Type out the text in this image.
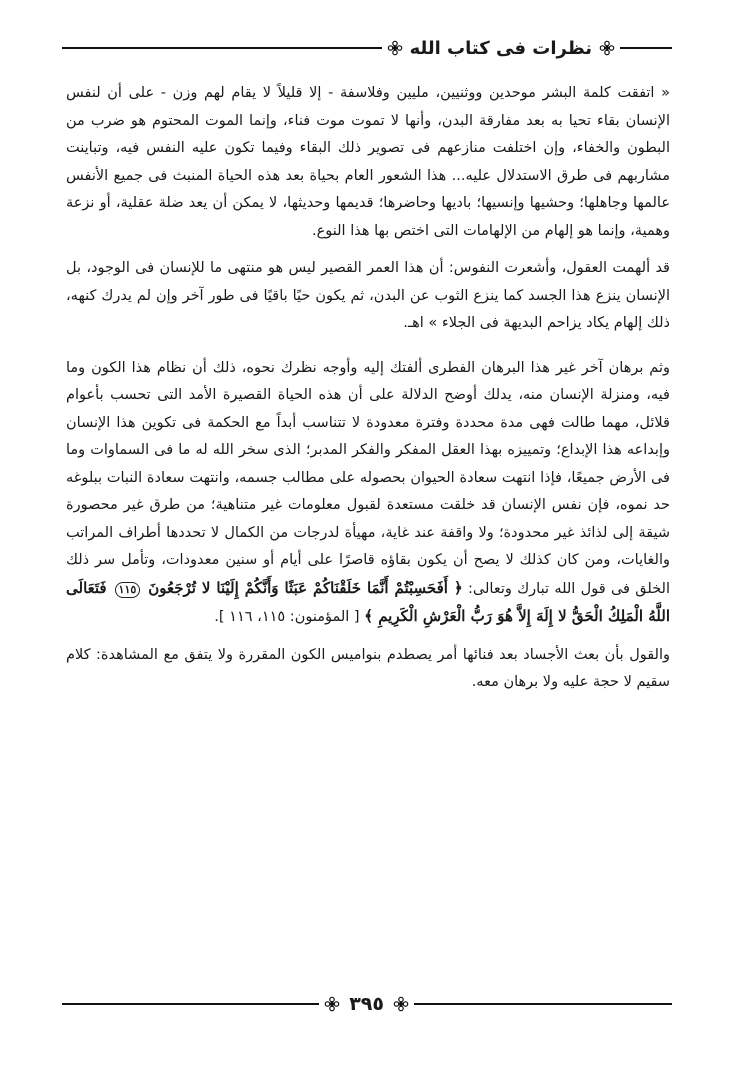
نظرات فى كتاب الله

« اتفقت كلمة البشر موحدين ووثنيين، مليين وفلاسفة - إلا قليلاً لا يقام لهم وزن - على أن لنفس الإنسان بقاء تحيا به بعد مفارقة البدن، وأنها لا تموت موت فناء، وإنما الموت المحتوم هو ضرب من البطون والخفاء، وإن اختلفت منازعهم فى تصوير ذلك البقاء وفيما تكون عليه النفس فيه، وتباينت مشاربهم فى طرق الاستدلال عليه... هذا الشعور العام بحياة بعد هذه الحياة المنبث فى جميع الأنفس عالمها وجاهلها؛ وحشيها وإنسيها؛ باديها وحاضرها؛ قديمها وحديثها، لا يمكن أن يعد ضلة عقلية، أو نزعة وهمية، وإنما هو إلهام من الإلهامات التى اختص بها هذا النوع.

قد ألهمت العقول، وأشعرت النفوس: أن هذا العمر القصير ليس هو منتهى ما للإنسان فى الوجود، بل الإنسان ينزع هذا الجسد كما ينزع الثوب عن البدن، ثم يكون حيًا باقيًا فى طور آخر وإن لم يدرك كنهه، ذلك إلهام يكاد يزاحم البديهة فى الجلاء » اهـ.

وثم برهان آخر غير هذا البرهان الفطرى ألفتك إليه وأوجه نظرك نحوه، ذلك أن نظام هذا الكون وما فيه، ومنزلة الإنسان منه، يدلك أوضح الدلالة على أن هذه الحياة القصيرة الأمد التى تحسب بأعوام قلائل، مهما طالت فهى مدة محددة وفترة معدودة لا تتناسب أبداً مع الحكمة فى تكوين هذا الإنسان وإبداعه هذا الإبداع؛ وتمييزه بهذا العقل المفكر والفكر المدبر؛ الذى سخر الله له ما فى السماوات وما فى الأرض جميعًا، فإذا انتهت سعادة الحيوان بحصوله على مطالب جسمه، وانتهت سعادة النبات ببلوغه حد نموه، فإن نفس الإنسان قد خلقت مستعدة لقبول معلومات غير متناهية؛ من طرق غير محصورة شيقة إلى لذائذ غير محدودة؛ ولا واقفة عند غاية، مهيأة لدرجات من الكمال لا تحددها أطراف المراتب والغايات، ومن كان كذلك لا يصح أن يكون بقاؤه قاصرًا على أيام أو سنين معدودات، وتأمل سر ذلك الخلق فى قول الله تبارك وتعالى: ﴿ أَفَحَسِبْتُمْ أَنَّمَا خَلَقْنَاكُمْ عَبَثًا وَأَنَّكُمْ إِلَيْنَا لا تُرْجَعُونَ ١١٥ فَتَعَالَى اللَّهُ الْمَلِكُ الْحَقُّ لا إِلَهَ إِلاَّ هُوَ رَبُّ الْعَرْشِ الْكَرِيمِ ﴾ [ المؤمنون: ١١٥، ١١٦ ].

والقول بأن بعث الأجساد بعد فنائها أمر يصطدم بنواميس الكون المقررة ولا يتفق مع المشاهدة: كلام سقيم لا حجة عليه ولا برهان معه.

٣٩٥
